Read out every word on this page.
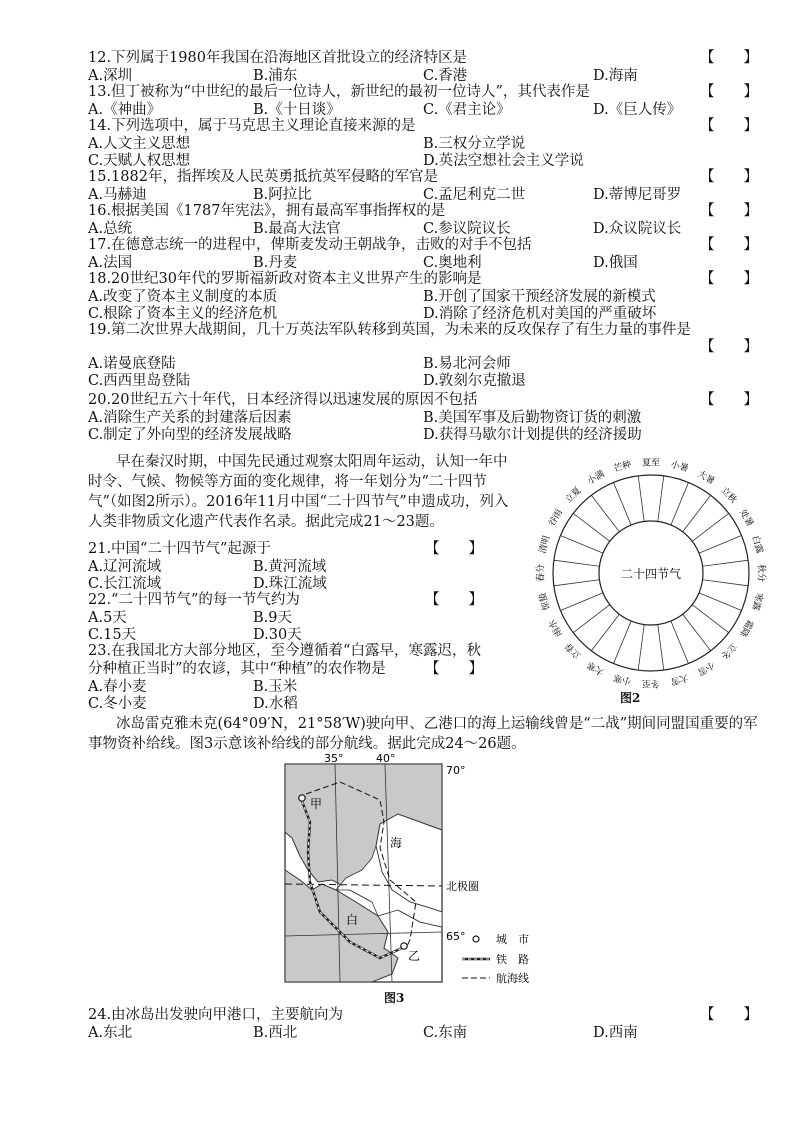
12.下列属于1980年我国在沿海地区首批设立的经济特区是	【　　】
A.深圳	B.浦东	C.香港	D.海南
13.但丁被称为“中世纪的最后一位诗人，新世纪的最初一位诗人”，其代表作是	【　　】
A.《神曲》	B.《十日谈》	C.《君主论》	D.《巨人传》
14.下列选项中，属于马克思主义理论直接来源的是	【　　】
A.人文主义思想	B.三权分立学说
C.天赋人权思想	D.英法空想社会主义学说
15.1882年，指挥埃及人民英勇抵抗英军侵略的军官是	【　　】
A.马赫迪	B.阿拉比	C.孟尼利克二世	D.蒂博尼哥罗
16.根据美国《1787年宪法》，拥有最高军事指挥权的是	【　　】
A.总统	B.最高大法官	C.参议院议长	D.众议院议长
17.在德意志统一的进程中，俾斯麦发动王朝战争，击败的对手不包括	【　　】
A.法国	B.丹麦	C.奥地利	D.俄国
18.20世纪30年代的罗斯福新政对资本主义世界产生的影响是	【　　】
A.改变了资本主义制度的本质	B.开创了国家干预经济发展的新模式
C.根除了资本主义的经济危机	D.消除了经济危机对美国的严重破坏
19.第二次世界大战期间，几十万英法军队转移到英国，为未来的反攻保存了有生力量的事件是
【　　】
A.诺曼底登陆	B.易北河会师
C.西西里岛登陆	D.敦刻尔克撤退
20.20世纪五六十年代，日本经济得以迅速发展的原因不包括	【　　】
A.消除生产关系的封建落后因素	B.美国军事及后勤物资订货的刺激
C.制定了外向型的经济发展战略	D.获得马歇尔计划提供的经济援助
早在秦汉时期，中国先民通过观察太阳周年运动，认知一年中时令、气候、物候等方面的变化规律，将一年划分为“二十四节气”（如图2所示）。2016年11月中国“二十四节气”申遗成功，列入人类非物质文化遗产代表作名录。据此完成21～23题。
21.中国“二十四节气”起源于	【　　】
A.辽河流域	B.黄河流域
C.长江流域	D.珠江流域
22.“二十四节气”的每一节气约为	【　　】
A.5天	B.9天
C.15天	D.30天
23.在我国北方大部分地区，至今遵循着“白露早，寒露迟，秋
分种植正当时”的农谚，其中“种植”的农作物是	【　　】
A.春小麦	B.玉米
C.冬小麦	D.水稻
二十四节气
夏至 小暑
大暑
立秋
处暑
白露
秋分
寒露
霜降
立冬
小雪
大雪
冬至
小寒
大寒
立春
雨水
惊蛰
春分
清明
谷雨
立夏
小满
芒种
图2
冰岛雷克雅未克(64°09′N，21°58′W)驶向甲、乙港口的海上运输线曾是“二战”期间同盟国重要的军事物资补给线。图3示意该补给线的部分航线。据此完成24～26题。
甲
乙
海
白
35°	40°
70°
65°
北极圈
城　市
铁　路
航海线
图3
24.由冰岛出发驶向甲港口，主要航向为	【　　】
A.东北	B.西北	C.东南	D.西南
